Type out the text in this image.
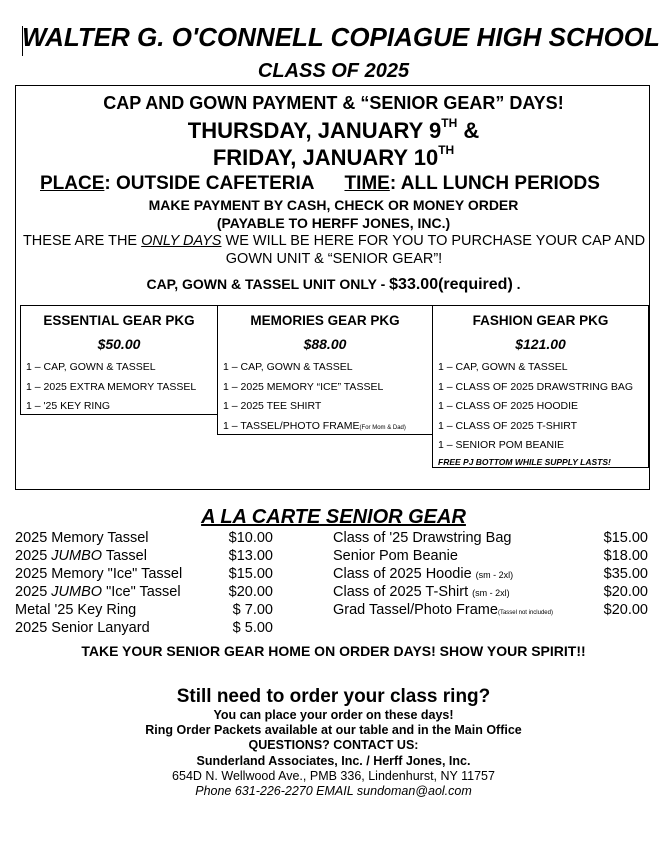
WALTER G. O'CONNELL COPIAGUE HIGH SCHOOL
CLASS OF 2025
CAP AND GOWN PAYMENT & “SENIOR GEAR” DAYS!
THURSDAY, JANUARY 9TH &
FRIDAY, JANUARY 10TH
PLACE: OUTSIDE CAFETERIA TIME: ALL LUNCH PERIODS
MAKE PAYMENT BY CASH, CHECK OR MONEY ORDER
(PAYABLE TO HERFF JONES, INC.)
THESE ARE THE ONLY DAYS WE WILL BE HERE FOR YOU TO PURCHASE YOUR CAP AND GOWN UNIT & “SENIOR GEAR”!
CAP, GOWN & TASSEL UNIT ONLY - $33.00(required) .
ESSENTIAL GEAR PKG
$50.00
1 – CAP, GOWN & TASSEL
1 – 2025 EXTRA MEMORY TASSEL
1 – '25 KEY RING
MEMORIES GEAR PKG
$88.00
1 – CAP, GOWN & TASSEL
1 – 2025 MEMORY “ICE” TASSEL
1 – 2025 TEE SHIRT
1 – TASSEL/PHOTO FRAME(For Mom & Dad)
FASHION GEAR PKG
$121.00
1 – CAP, GOWN & TASSEL
1 – CLASS OF 2025 DRAWSTRING BAG
1 – CLASS OF 2025 HOODIE
1 – CLASS OF 2025 T-SHIRT
1 – SENIOR POM BEANIE
FREE PJ BOTTOM WHILE SUPPLY LASTS!
A LA CARTE SENIOR GEAR
2025 Memory Tassel	$10.00
2025 JUMBO Tassel	$13.00
2025 Memory "Ice" Tassel	$15.00
2025 JUMBO "Ice" Tassel	$20.00
Metal '25 Key Ring	$ 7.00
2025 Senior Lanyard	$ 5.00
Class of '25 Drawstring Bag	$15.00
Senior Pom Beanie	$18.00
Class of 2025 Hoodie (sm - 2xl)	$35.00
Class of 2025 T-Shirt (sm - 2xl)	$20.00
Grad Tassel/Photo Frame(Tassel not included)	$20.00
TAKE YOUR SENIOR GEAR HOME ON ORDER DAYS! SHOW YOUR SPIRIT!!
Still need to order your class ring?
You can place your order on these days!
Ring Order Packets available at our table and in the Main Office
QUESTIONS? CONTACT US:
Sunderland Associates, Inc. / Herff Jones, Inc.
654D N. Wellwood Ave., PMB 336, Lindenhurst, NY 11757
Phone 631-226-2270 EMAIL sundoman@aol.com
